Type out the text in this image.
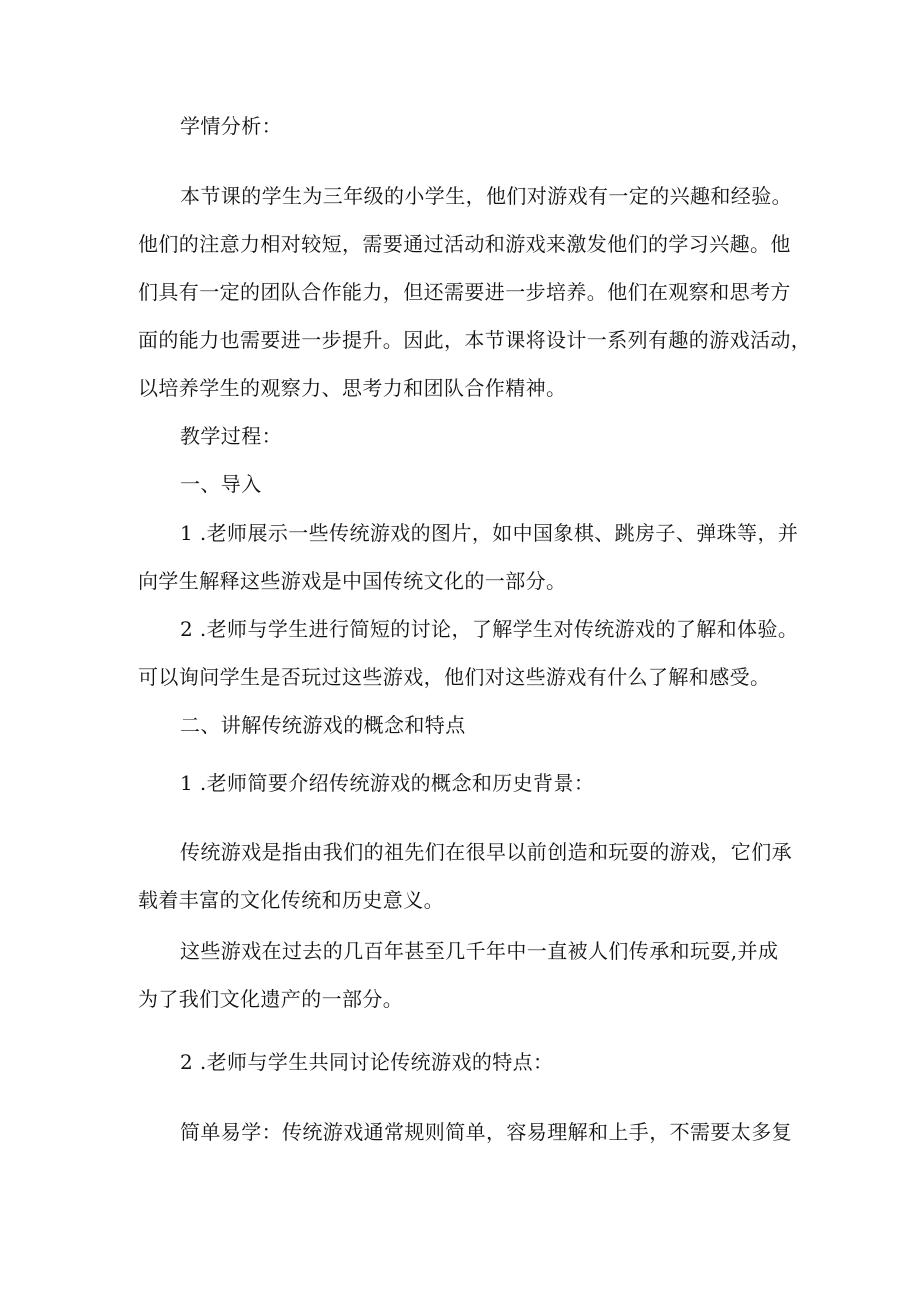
学情分析：
本节课的学生为三年级的小学生，他们对游戏有一定的兴趣和经验。
他们的注意力相对较短，需要通过活动和游戏来激发他们的学习兴趣。他
们具有一定的团队合作能力，但还需要进一步培养。他们在观察和思考方
面的能力也需要进一步提升。因此，本节课将设计一系列有趣的游戏活动，
以培养学生的观察力、思考力和团队合作精神。
教学过程：
一、导入
1 .老师展示一些传统游戏的图片，如中国象棋、跳房子、弹珠等，并
向学生解释这些游戏是中国传统文化的一部分。
2 .老师与学生进行简短的讨论，了解学生对传统游戏的了解和体验。
可以询问学生是否玩过这些游戏，他们对这些游戏有什么了解和感受。
二、讲解传统游戏的概念和特点
1 .老师简要介绍传统游戏的概念和历史背景：
传统游戏是指由我们的祖先们在很早以前创造和玩耍的游戏，它们承
载着丰富的文化传统和历史意义。
这些游戏在过去的几百年甚至几千年中一直被人们传承和玩耍,并成
为了我们文化遗产的一部分。
2 .老师与学生共同讨论传统游戏的特点：
简单易学：传统游戏通常规则简单，容易理解和上手，不需要太多复
